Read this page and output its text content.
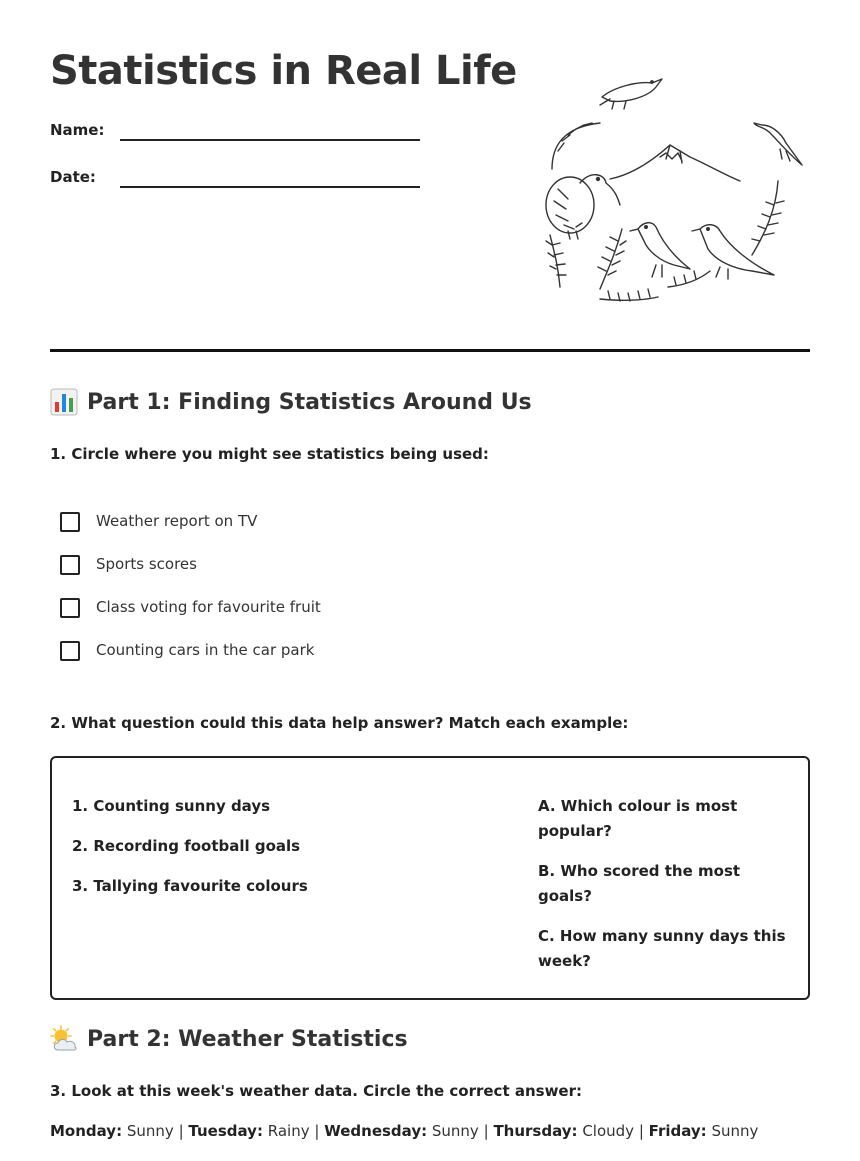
Statistics in Real Life
Name:
Date:
Part 1: Finding Statistics Around Us

1. Circle where you might see statistics being used:

Weather report on TV
Sports scores
Class voting for favourite fruit
Counting cars in the car park

2. What question could this data help answer? Match each example:

1. Counting sunny days
2. Recording football goals
3. Tallying favourite colours
A. Which colour is most popular?
B. Who scored the most goals?
C. How many sunny days this week?
Part 2: Weather Statistics

3. Look at this week's weather data. Circle the correct answer:

Monday: Sunny | Tuesday: Rainy | Wednesday: Sunny | Thursday: Cloudy | Friday: Sunny
